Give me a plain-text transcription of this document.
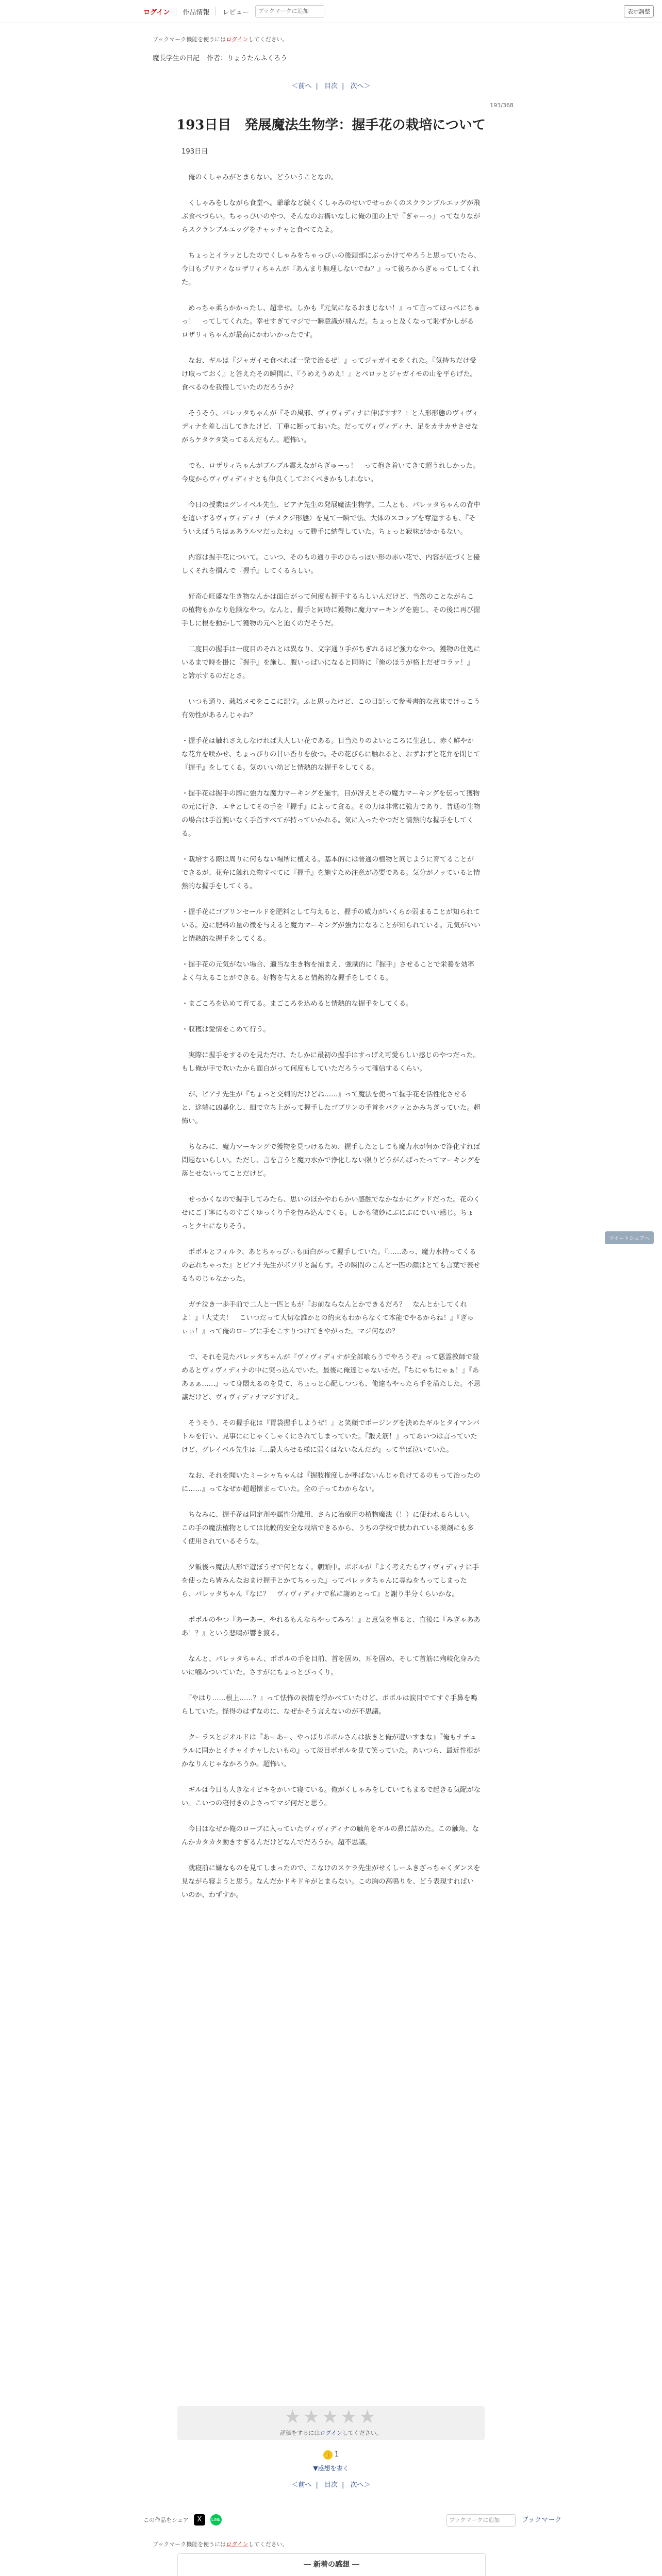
ログイン 作品情報 レビュー
ブックマークに追加	表示調整
ブックマーク機能を使うにはログインしてください。
魔長学生の日記 作者：りょうたんふくろう
＜前へ | 目次 | 次へ＞
193/368
193日目　発展魔法生物学：握手花の栽培について

193日目

　俺のくしゃみがとまらない。どういうことなの。

　くしゃみをしながら食堂へ。爺爺など続くくしゃみのせいでせっかくのスクランブルエッグが飛ぶ食べづらい。ちゃっぴいのやつ、そんなのお構いなしに俺の皿の上で『ぎゃーっ』ってなりながらスクランブルエッグをチャッチャと食べてたよ。

　ちょっとイラッとしたのでくしゃみをちゃっぴぃの後頭部にぶっかけてやろうと思っていたら、今日もプリティなロザリィちゃんが『あんまり無理しないでね？』って後ろからぎゅってしてくれた。

　めっちゃ柔らかかったし、超幸せ。しかも『元気になるおまじない！』って言ってほっぺにちゅっ！　ってしてくれた。幸せすぎてマジで一瞬意識が飛んだ。ちょっと及くなって恥ずかしがるロザリィちゃんが最高にかわいかったです。

　なお、ギルは『ジャガイモ食べれば一発で治るぜ！』ってジャガイモをくれた。『気持ちだけ受け取っておく』と答えたその瞬間に、『うめえうめえ！』とペロッとジャガイモの山を平らげた。食べるのを我慢していたのだろうか？

　そうそう、パレッタちゃんが『その風邪、ヴィヴィディナに伸ばすす？』と人形形態のヴィヴィディナを差し出してきたけど、丁重に断っておいた。だってヴィヴィディナ、足をカサカサさせながらケタケタ笑ってるんだもん。超怖い。

　でも、ロザリィちゃんがブルブル震えながらぎゅーっ！　って抱き着いてきて超うれしかった。今度からヴィヴィディナとも仲良くしておくべきかもしれない。

　今日の授業はグレイベル先生、ビアナ先生の発展魔法生物学。二人とも、パレッタちゃんの背中を這いずるヴィヴィディナ（チメクジ形態）を見て一瞬で怯、大体のスコップを奪還するも、『そういえばうちはぁあラルマだったわ』って勝手に納得していた。ちょっと寂味がかかるない。

　内容は握手花について。こいつ、そのもの通り手のひらっぽい形の赤い花で、内容が近づくと優しくそれを掴んで『握手』してくるらしい。

　好奇心旺盛な生き物なんかは面白がって何度も握手するらしいんだけど、当然のことながらこの植物もかなり危険なやつ。なんと、握手と同時に獲物に魔力マーキングを施し、その後に再び握手しに根を動かして獲物の元へと迫くのだそうだ。

　二度目の握手は一度目のそれとは異なり、文字通り手がちぎれるほど強力なやつ。獲物の住処にいるまで時を掛に『握手』を施し、腹いっぱいになると同時に『俺のほうが格上だぜコラァ！』と誇示するのだとさ。

　いつも通り、栽培メモをここに記す。ふと思ったけど、この日記って参考書的な意味でけっこう有効性があるんじゃね？

・握手花は触れさえしなければ大人しい花である。日当たりのよいところに生息し、赤く鮮やかな花弁を咲かせ、ちょっぴりの甘い香りを放つ。その花びらに触れると、おずおずと花弁を閉じて『握手』をしてくる。気のいい幼どと情熱的な握手をしてくる。

・握手花は握手の際に強力な魔力マーキングを施す。目が冴えとその魔力マーキングを伝って獲物の元に行き、エサとしてその手を『握手』によって貪る。その力は非常に強力であり、普通の生物の場合は手首腕いなく手首すべてが持っていかれる。気に入ったやつだと情熱的な握手をしてくる。

・栽培する際は周りに何もない場所に植える。基本的には普通の植物と同じように育てることができるが、花弁に触れた物すべてに『握手』を施すため注意が必要である。気分がノッていると情熱的な握手をしてくる。

・握手花にゴブリンセールドを肥料として与えると、握手の威力がいくらか弱まることが知られている。逆に肥料の量の微を与えると魔力マーキングが強力になることが知られている。元気がいいと情熱的な握手をしてくる。

・握手花の元気がない場合、適当な生き物を捕まえ、強制的に『握手』させることで栄養を効率よく与えることができる。好物を与えると情熱的な握手をしてくる。

・まごころを込めて育てる。まごころを込めると情熱的な握手をしてくる。

・収穫は愛情をこめて行う。

　実際に握手をするのを見ただけ、たしかに最初の握手はすっげえ可愛らしい感じのやつだった。もし俺が手で吹いたから面白がって何度もしていただろうって確信するくらい。

　が、ビアナ先生が『ちょっと交刺的だけどね……』って魔法を使って握手花を活性化させると、途端に凶暴化し、細で立ち上がって握手したゴブリンの手首をバクッとかみちぎっていた。超怖い。

　ちなみに、魔力マーキングで獲物を見つけるため、握手したとしても魔力水が何かで浄化すれば問題ないらしい。ただし、言を言うと魔力水かで浄化しない限りどうがんばったってマーキングを落とせないってことだけど。

　せっかくなので握手してみたら、思いのほかやわらかい感触でなかなかにグッドだった。花のくせにご丁寧にものすごくゆっくり手を包み込んでくる。しかも微妙にぷにぷにでいい感じ。ちょっとクセになりそう。

　ポポルとフィルラ、あとちゃっぴぃも面白がって握手していた。『……あっ、魔力水持ってくるの忘れちゃった』とビアナ先生がボソリと漏らす。その瞬間のこんど一匹の顔はとても言葉で表せるものじゃなかった。

　ガチ泣き一歩手前で二人と一匹ともが『お前ならなんとかできるだろ？　なんとかしてくれよ！』『大丈夫！　こいつだって大切な誰かとの約束もわからなくて本能でやるからね！』『ぎゅぃぃ！』って俺のローブに手をこすりつけてきやがった。マジ何なの？

　で、それを見たパレッタちゃんが『ヴィヴィディナが全部喰らうでやろうぞ』って悪霊教師で殺めるとヴィヴィディナの中に突っ込んでいた。最後に俺達じゃないかだ。『ちにゃちにゃぁ！』『ああぁぁ……』って身悶えるのを見て、ちょっと心配しつつも、俺達もやったら手を満たした。不思議だけど、ヴィヴィディナマジすげえ。

　そうそう、その握手花は『胃袋握手しようぜ！』と笑顔でポージングを決めたギルとタイマンバトルを行い、見事ににじゃくしゃくにされてしまっていた。『鍛え筋！』ってあいつは言っていたけど、グレイベル先生は『…最大らせる様に弱くはないなんだが』って半ば泣いていた。

　なお、それを聞いたミーシャちゃんは『握肢権度しか呼ばないんじゃ負けてるのもって治ったのに……』ってなぜか超超懐まっていた。全の子ってわからない。

　ちなみに、握手花は固定剤や属性分離用、さらに治療用の植物魔法（！）に使われるらしい。この手の魔法植物としては比較的安全な栽培できるから、うちの学校で使われている薬剤にも多く使用されているそうな。

　夕飯後っ魔法人形で遊ぼうぜで何となく。朝頭中。ポポルが『よく考えたらヴィヴィディナに手を使ったら皆みんなおまけ握手とかてちゃった』ってパレッタちゃんに尋ねをもってしまったら、パレッタちゃん『なに？　ヴィヴィディナで私に謝めとって』と謝り半分くらいかな。

　ポポルのやつ『あーあー、やれるもんならやってみろ！』と意気を事ると、直後に『みぎゃあああ！？』という悲鳴が響き渡る。

　なんと、パレッタちゃん、ポポルの手を目前、首を固め、耳を固め、そして首筋に殉岐化身みたいに噛みついていた。さすがにちょっとびっくり。

　『やはり……根上……？』って怯怖の表情を浮かべていたけど、ポポルは涙目でてすぐ手鼻を鳴らしていた。怪得のはずなのに、なぜかそう言えないのが不思議。

　クーラスとジオルドは『あーあー、やっぱりポポルさんは抜きと俺が遊いすまな』『俺もナチュラルに固かとイチャイチャしたいもの』って淡目ポポルを見て笑っていた。あいつら、最近性根がかなりんじゃなかろうか。超怖い。

　ギルは今日も大きなイビキをかいて寝ている。俺がくしゃみをしていてもまるで起きる気配がない。こいつの寝付きのよさってマジ何だと思う。

　今日はなぜか俺のローブに入っていたヴィヴィディナの触角をギルの鼻に詰めた。この触角、なんかカタカタ動きすぎるんだけどなんでだろうか。超不思議。

　就寝前に嫌なものを見てしまったので、こなけのスケラ先生がせくしーふきざっちゃくダンスを見ながら寝ようと思う。なんだかドキドキがとまらない。この胸の高鳴りを、どう表現すればいいのか、わずすか。

ツイートシェアへ
★★★★★
評価をするにはログインしてください。
👍 1
▼感想を書く
＜前へ | 目次 | 次へ＞
この作品をシェア	X	LINE	ブックマークに追加	ブックマーク
ブックマーク機能を使うにはログインしてください。
― 新着の感想 ―
